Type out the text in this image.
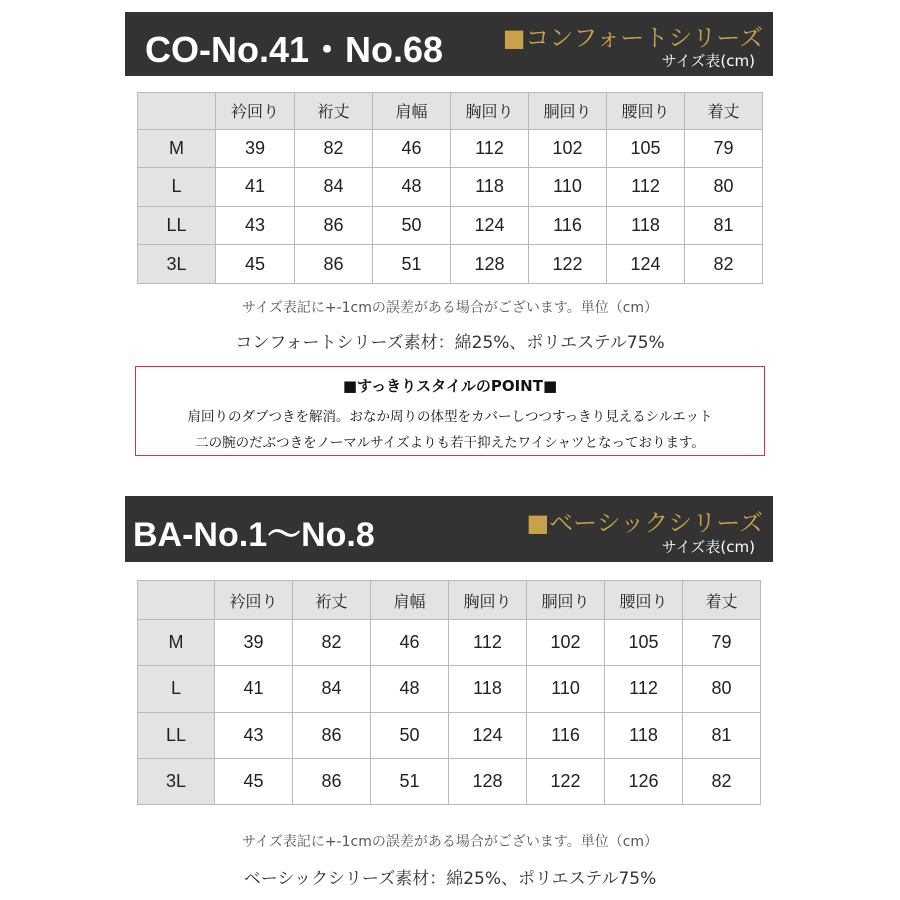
CO-No.41・No.68 ■コンフォートシリーズ
サイズ表(cm)
	衿回り	裄丈	肩幅	胸回り	胴回り	腰回り	着丈
M	39	82	46	112	102	105	79
L	41	84	48	118	110	112	80
LL	43	86	50	124	116	118	81
3L	45	86	51	128	122	124	82
サイズ表記に+-1cmの誤差がある場合がございます。単位（cm）
コンフォートシリーズ素材：綿25%、ポリエステル75%
■すっきりスタイルのPOINT■
肩回りのダブつきを解消。おなか周りの体型をカバーしつつすっきり見えるシルエット
二の腕のだぶつきをノーマルサイズよりも若干抑えたワイシャツとなっております。
BA-No.1〜No.8	■ベーシックシリーズ
サイズ表(cm)
	衿回り	裄丈	肩幅	胸回り	胴回り	腰回り	着丈
M	39	82	46	112	102	105	79
L	41	84	48	118	110	112	80
LL	43	86	50	124	116	118	81
3L	45	86	51	128	122	126	82
サイズ表記に+-1cmの誤差がある場合がございます。単位（cm）
ベーシックシリーズ素材：綿25%、ポリエステル75%
